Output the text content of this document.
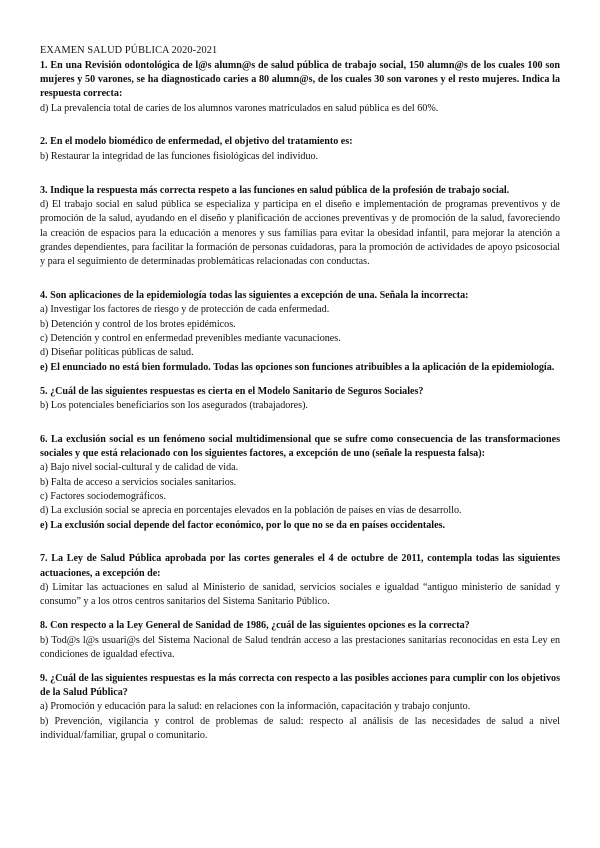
EXAMEN SALUD PÚBLICA 2020-2021

1. En una Revisión odontológica de l@s alumn@s de salud pública de trabajo social, 150 alumn@s de los cuales 100 son mujeres y 50 varones, se ha diagnosticado caries a 80 alumn@s, de los cuales 30 son varones y el resto mujeres. Indica la respuesta correcta:

d) La prevalencia total de caries de los alumnos varones matriculados en salud pública es del 60%.

2. En el modelo biomédico de enfermedad, el objetivo del tratamiento es:

b) Restaurar la integridad de las funciones fisiológicas del individuo.

3. Indique la respuesta más correcta respeto a las funciones en salud pública de la profesión de trabajo social.

d) El trabajo social en salud pública se especializa y participa en el diseño e implementación de programas preventivos y de promoción de la salud, ayudando en el diseño y planificación de acciones preventivas y de promoción de la salud, favoreciendo la creación de espacios para la educación a menores y sus familias para evitar la obesidad infantil, para mejorar la atención a grandes dependientes, para facilitar la formación de personas cuidadoras, para la promoción de actividades de apoyo psicosocial y para el seguimiento de determinadas problemáticas relacionadas con conductas.

4. Son aplicaciones de la epidemiología todas las siguientes a excepción de una. Señala la incorrecta:

a) Investigar los factores de riesgo y de protección de cada enfermedad.

b) Detención y control de los brotes epidémicos.

c) Detención y control en enfermedad prevenibles mediante vacunaciones.

d) Diseñar políticas públicas de salud.

e) El enunciado no está bien formulado. Todas las opciones son funciones atribuibles a la aplicación de la epidemiología.

5. ¿Cuál de las siguientes respuestas es cierta en el Modelo Sanitario de Seguros Sociales?

b) Los potenciales beneficiarios son los asegurados (trabajadores).

6. La exclusión social es un fenómeno social multidimensional que se sufre como consecuencia de las transformaciones sociales y que está relacionado con los siguientes factores, a excepción de uno (señale la respuesta falsa):

a) Bajo nivel social-cultural y de calidad de vida.

b) Falta de acceso a servicios sociales sanitarios.

c) Factores sociodemográficos.

d) La exclusión social se aprecia en porcentajes elevados en la población de países en vías de desarrollo.

e) La exclusión social depende del factor económico, por lo que no se da en países occidentales.

7. La Ley de Salud Pública aprobada por las cortes generales el 4 de octubre de 2011, contempla todas las siguientes actuaciones, a excepción de:

d) Limitar las actuaciones en salud al Ministerio de sanidad, servicios sociales e igualdad “antiguo ministerio de sanidad y consumo” y a los otros centros sanitarios del Sistema Sanitario Público.

8. Con respecto a la Ley General de Sanidad de 1986, ¿cuál de las siguientes opciones es la correcta?

b) Tod@s l@s usuari@s del Sistema Nacional de Salud tendrán acceso a las prestaciones sanitarias reconocidas en esta Ley en condiciones de igualdad efectiva.

9. ¿Cuál de las siguientes respuestas es la más correcta con respecto a las posibles acciones para cumplir con los objetivos de la Salud Pública?

a) Promoción y educación para la salud: en relaciones con la información, capacitación y trabajo conjunto.

b) Prevención, vigilancia y control de problemas de salud: respecto al análisis de las necesidades de salud a nivel individual/familiar, grupal o comunitario.
